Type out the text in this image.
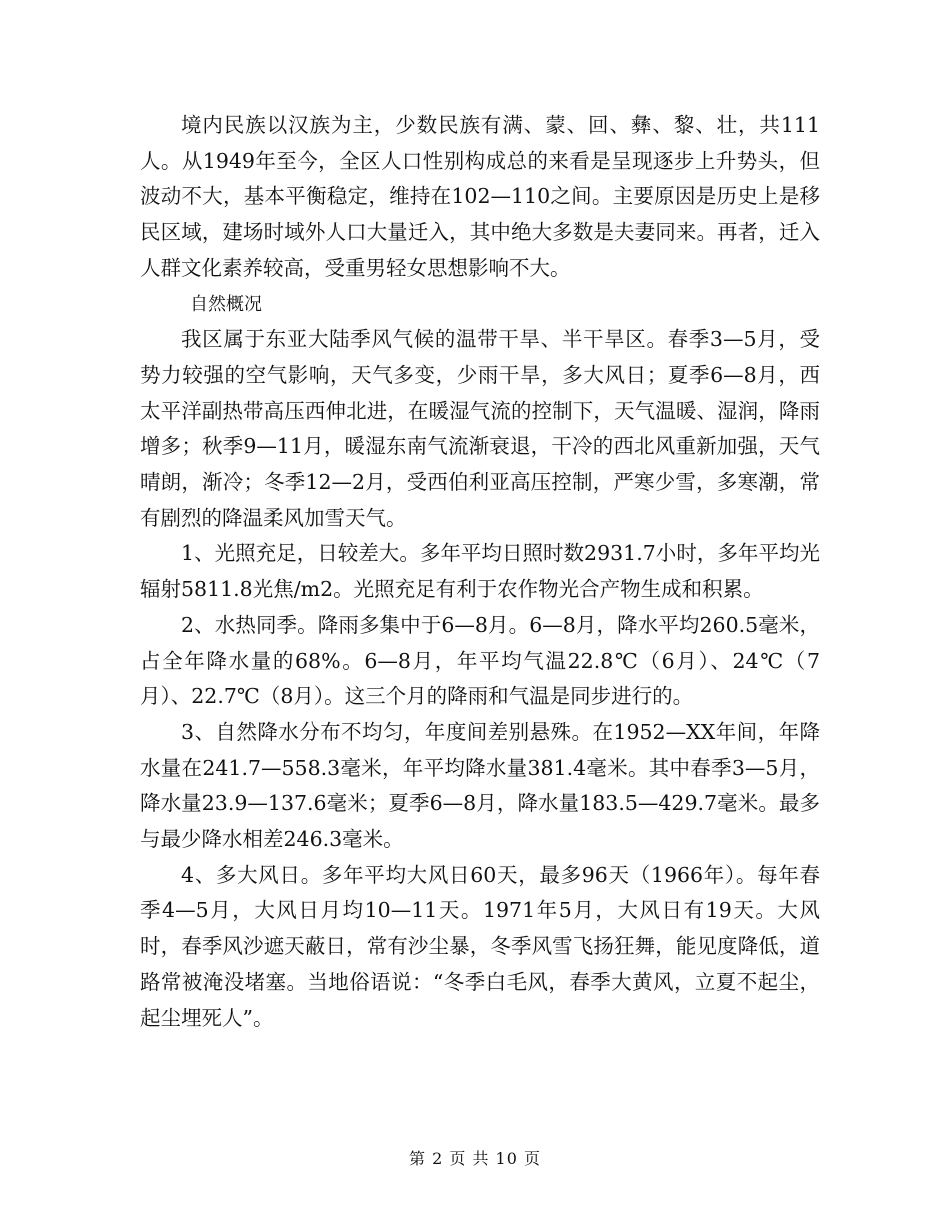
境内民族以汉族为主，少数民族有满、蒙、回、彝、黎、壮，共111人。从1949年至今，全区人口性别构成总的来看是呈现逐步上升势头，但波动不大，基本平衡稳定，维持在102—110之间。主要原因是历史上是移民区域，建场时域外人口大量迁入，其中绝大多数是夫妻同来。再者，迁入人群文化素养较高，受重男轻女思想影响不大。

自然概况

我区属于东亚大陆季风气候的温带干旱、半干旱区。春季3—5月，受势力较强的空气影响，天气多变，少雨干旱，多大风日；夏季6—8月，西太平洋副热带高压西伸北进，在暖湿气流的控制下，天气温暖、湿润，降雨增多；秋季9—11月，暖湿东南气流渐衰退，干冷的西北风重新加强，天气晴朗，渐冷；冬季12—2月，受西伯利亚高压控制，严寒少雪，多寒潮，常有剧烈的降温柔风加雪天气。

1、光照充足，日较差大。多年平均日照时数2931.7小时，多年平均光辐射5811.8光焦/m2。光照充足有利于农作物光合产物生成和积累。

2、水热同季。降雨多集中于6—8月。6—8月，降水平均260.5毫米，占全年降水量的68%。6—8月，年平均气温22.8℃（6月）、24℃（7月）、22.7℃（8月）。这三个月的降雨和气温是同步进行的。

3、自然降水分布不均匀，年度间差别悬殊。在1952—XX年间，年降水量在241.7—558.3毫米，年平均降水量381.4毫米。其中春季3—5月，降水量23.9—137.6毫米；夏季6—8月，降水量183.5—429.7毫米。最多与最少降水相差246.3毫米。

4、多大风日。多年平均大风日60天，最多96天（1966年）。每年春季4—5月，大风日月均10—11天。1971年5月，大风日有19天。大风时，春季风沙遮天蔽日，常有沙尘暴，冬季风雪飞扬狂舞，能见度降低，道路常被淹没堵塞。当地俗语说：“冬季白毛风，春季大黄风，立夏不起尘，起尘埋死人”。

第 2 页 共 10 页
